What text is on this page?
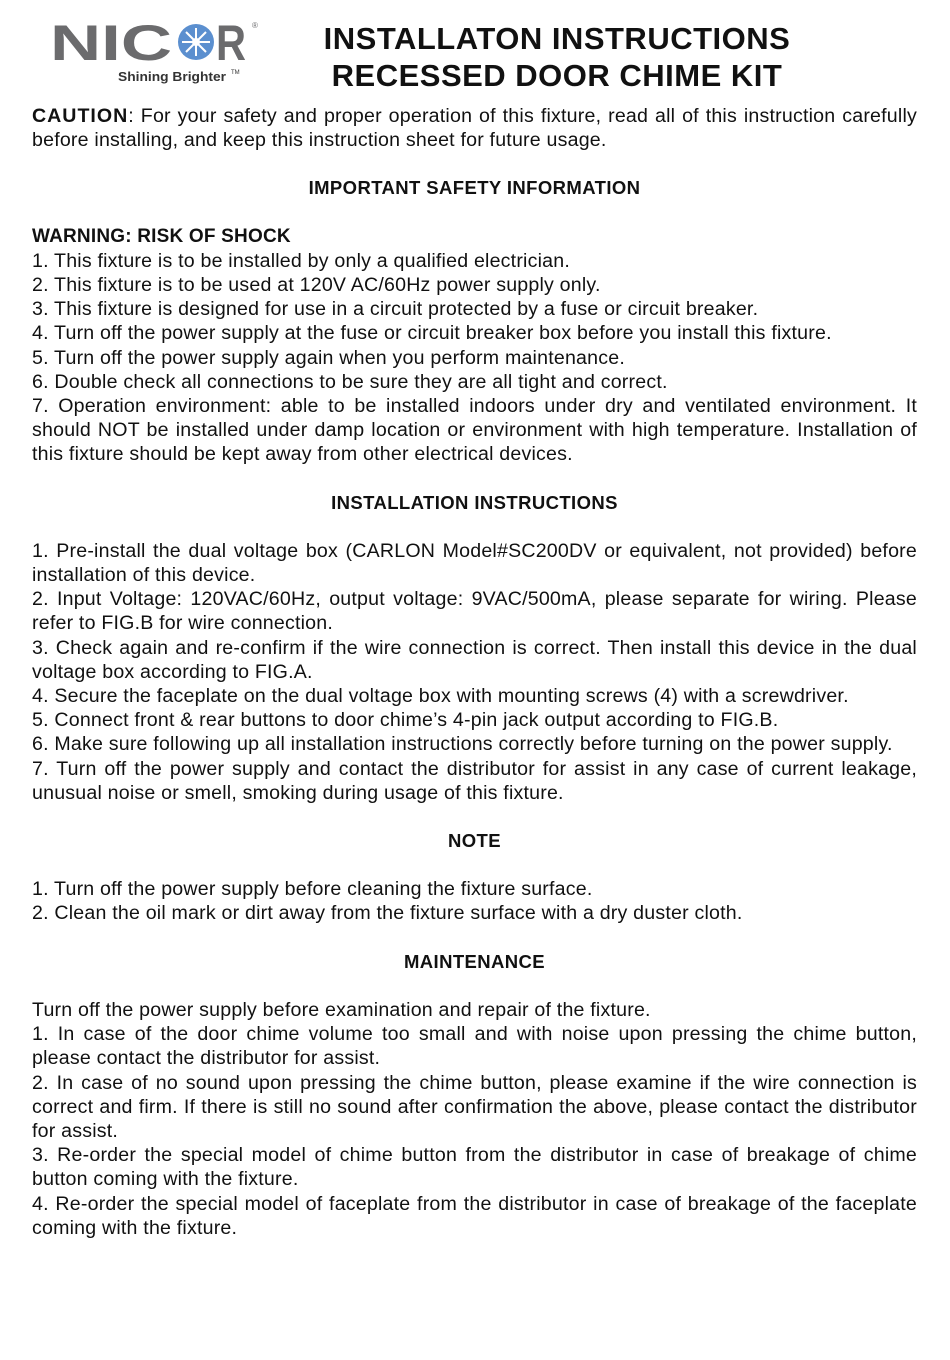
NIC R ®
Shining Brighter TM
INSTALLATON INSTRUCTIONS
RECESSED DOOR CHIME KIT

CAUTION: For your safety and proper operation of this fixture, read all of this instruction carefully before installing, and keep this instruction sheet for future usage.

IMPORTANT SAFETY INFORMATION
WARNING: RISK OF SHOCK

1. This fixture is to be installed by only a qualified electrician.

2. This fixture is to be used at 120V AC/60Hz power supply only.

3. This fixture is designed for use in a circuit protected by a fuse or circuit breaker.

4. Turn off the power supply at the fuse or circuit breaker box before you install this fixture.

5. Turn off the power supply again when you perform maintenance.

6. Double check all connections to be sure they are all tight and correct.

7. Operation environment: able to be installed indoors under dry and ventilated environment. It should NOT be installed under damp location or environment with high temperature. Installation of this fixture should be kept away from other electrical devices.

INSTALLATION INSTRUCTIONS

1. Pre-install the dual voltage box (CARLON Model#SC200DV or equivalent, not provided) before installation of this device.

2. Input Voltage: 120VAC/60Hz, output voltage: 9VAC/500mA, please separate for wiring. Please refer to FIG.B for wire connection.

3. Check again and re-confirm if the wire connection is correct. Then install this device in the dual voltage box according to FIG.A.

4. Secure the faceplate on the dual voltage box with mounting screws (4) with a screwdriver.

5. Connect front & rear buttons to door chime’s 4-pin jack output according to FIG.B.

6. Make sure following up all installation instructions correctly before turning on the power supply.

7. Turn off the power supply and contact the distributor for assist in any case of current leakage, unusual noise or smell, smoking during usage of this fixture.

NOTE

1. Turn off the power supply before cleaning the fixture surface.

2. Clean the oil mark or dirt away from the fixture surface with a dry duster cloth.

MAINTENANCE

Turn off the power supply before examination and repair of the fixture.

1. In case of the door chime volume too small and with noise upon pressing the chime button, please contact the distributor for assist.

2. In case of no sound upon pressing the chime button, please examine if the wire connection is correct and firm. If there is still no sound after confirmation the above, please contact the distributor for assist.

3. Re-order the special model of chime button from the distributor in case of breakage of chime button coming with the fixture.

4. Re-order the special model of faceplate from the distributor in case of breakage of the faceplate coming with the fixture.
